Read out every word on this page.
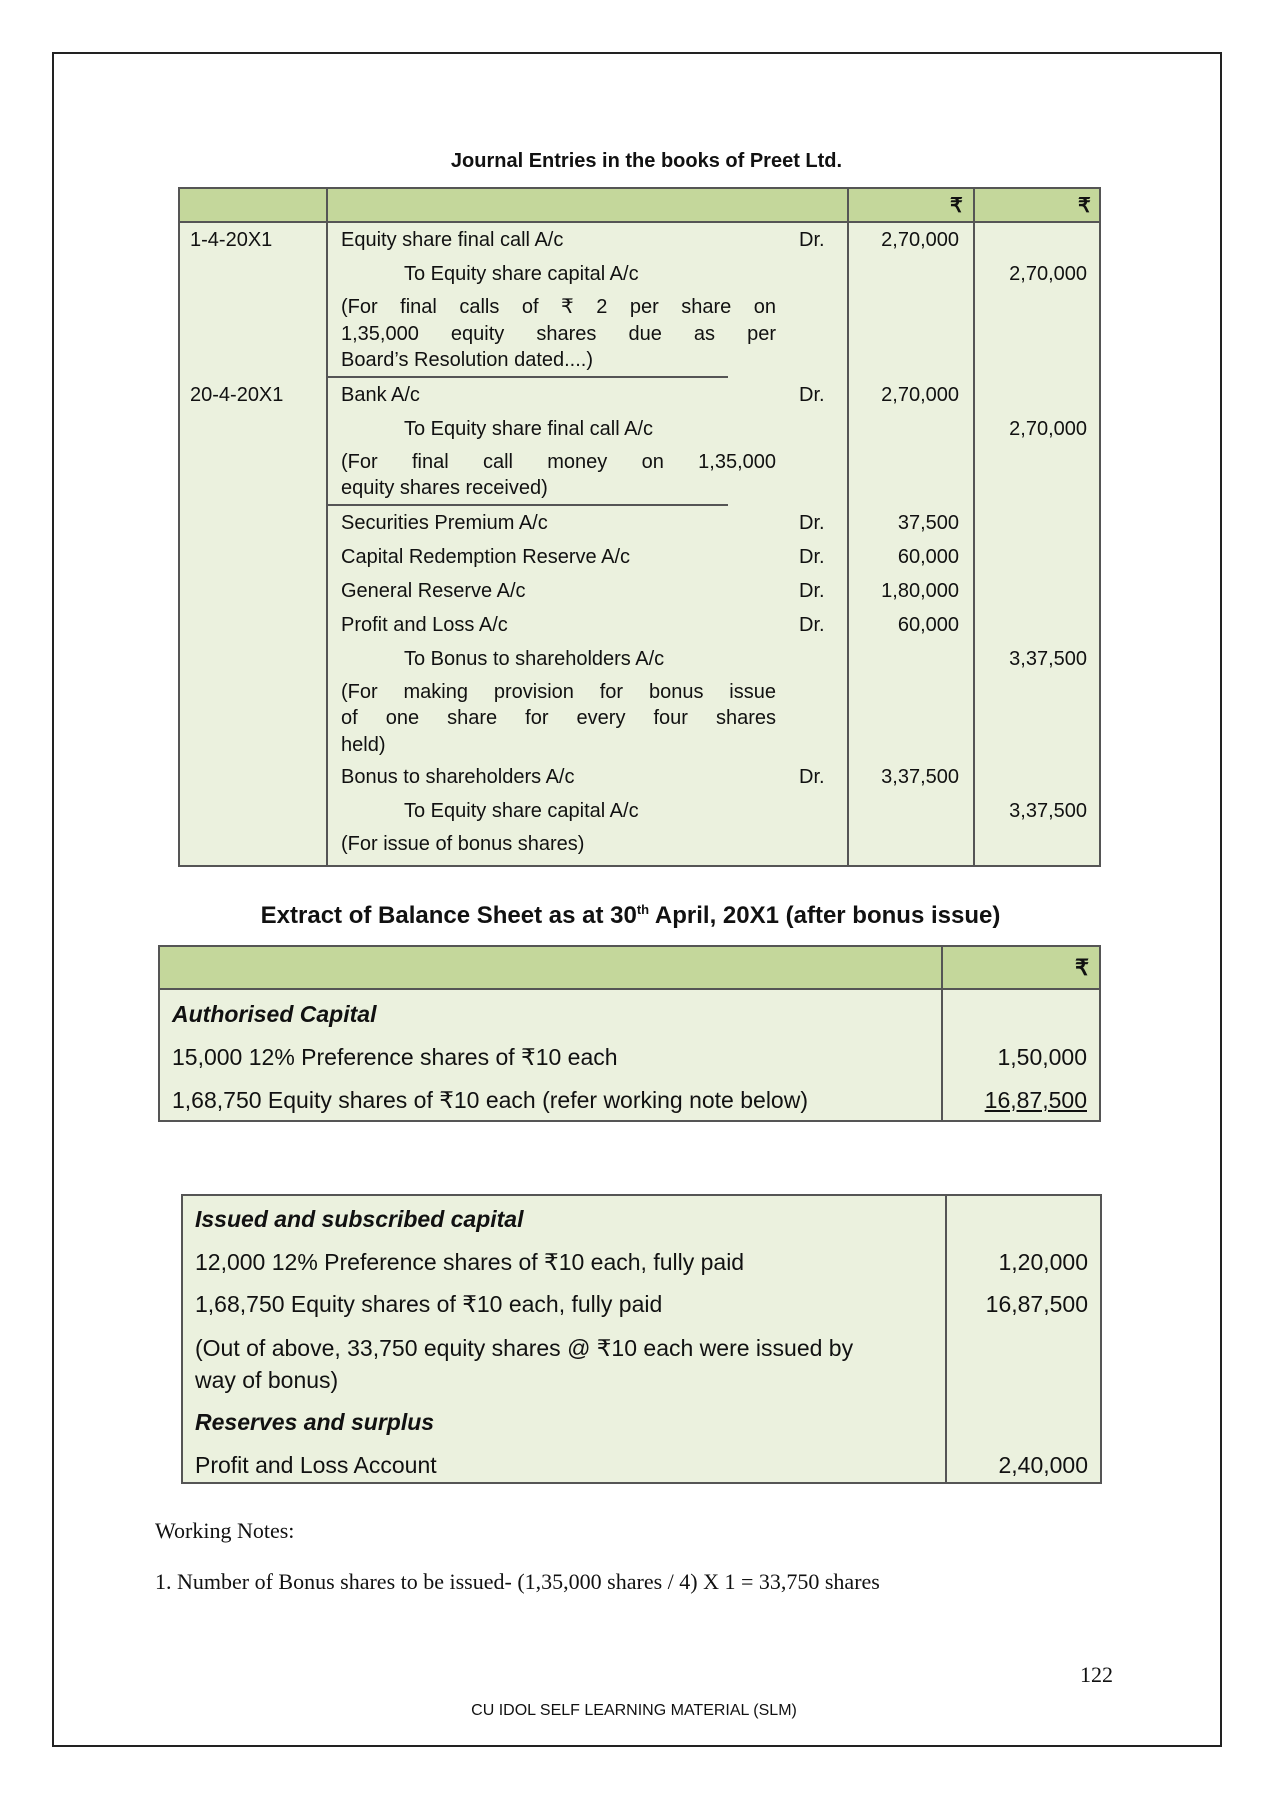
Journal Entries in the books of Preet Ltd.
₹	₹
1-4-20X1	Equity share final call A/c	Dr.	2,70,000
To Equity share capital A/c	2,70,000
(For final calls of ₹ 2 per share on
1,35,000 equity shares due as per
Board’s Resolution dated....)
20-4-20X1	Bank A/c	Dr.	2,70,000
To Equity share final call A/c	2,70,000
(For final call money on 1,35,000
equity shares received)
Securities Premium A/c	Dr.	37,500
Capital Redemption Reserve A/c	Dr.	60,000
General Reserve A/c	Dr.	1,80,000
Profit and Loss A/c	Dr.	60,000
To Bonus to shareholders A/c	3,37,500
(For making provision for bonus issue
of one share for every four shares
held)
Bonus to shareholders A/c	Dr.	3,37,500
To Equity share capital A/c	3,37,500
(For issue of bonus shares)
Extract of Balance Sheet as at 30th April, 20X1 (after bonus issue)
₹
Authorised Capital
15,000 12% Preference shares of ₹10 each	1,50,000
1,68,750 Equity shares of ₹10 each (refer working note below)	16,87,500
Issued and subscribed capital
12,000 12% Preference shares of ₹10 each, fully paid	1,20,000
1,68,750 Equity shares of ₹10 each, fully paid	16,87,500
(Out of above, 33,750 equity shares @ ₹10 each were issued by
way of bonus)
Reserves and surplus
Profit and Loss Account	2,40,000
Working Notes:
1. Number of Bonus shares to be issued- (1,35,000 shares / 4) X 1 = 33,750 shares
122
CU IDOL SELF LEARNING MATERIAL (SLM)
